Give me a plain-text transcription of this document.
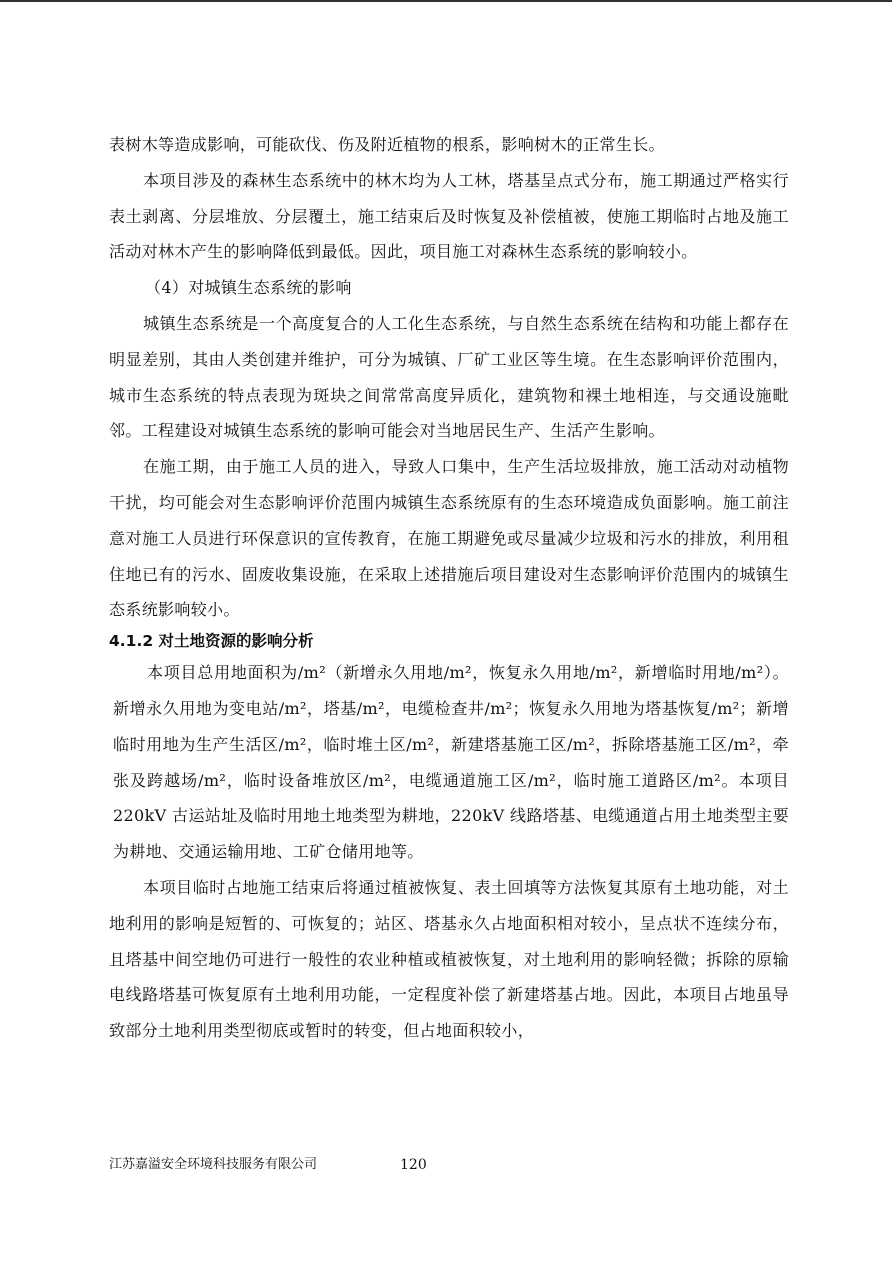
表树木等造成影响，可能砍伐、伤及附近植物的根系，影响树木的正常生长。

本项目涉及的森林生态系统中的林木均为人工林，塔基呈点式分布，施工期通过严格实行表土剥离、分层堆放、分层覆土，施工结束后及时恢复及补偿植被，使施工期临时占地及施工活动对林木产生的影响降低到最低。因此，项目施工对森林生态系统的影响较小。

（4）对城镇生态系统的影响

城镇生态系统是一个高度复合的人工化生态系统，与自然生态系统在结构和功能上都存在明显差别，其由人类创建并维护，可分为城镇、厂矿工业区等生境。在生态影响评价范围内，城市生态系统的特点表现为斑块之间常常高度异质化，建筑物和裸土地相连，与交通设施毗邻。工程建设对城镇生态系统的影响可能会对当地居民生产、生活产生影响。

在施工期，由于施工人员的进入，导致人口集中，生产生活垃圾排放，施工活动对动植物干扰，均可能会对生态影响评价范围内城镇生态系统原有的生态环境造成负面影响。施工前注意对施工人员进行环保意识的宣传教育，在施工期避免或尽量减少垃圾和污水的排放，利用租住地已有的污水、固废收集设施，在采取上述措施后项目建设对生态影响评价范围内的城镇生态系统影响较小。

4.1.2 对土地资源的影响分析

本项目总用地面积为/m²（新增永久用地/m²，恢复永久用地/m²，新增临时用地/m²）。新增永久用地为变电站/m²，塔基/m²，电缆检查井/m²；恢复永久用地为塔基恢复/m²；新增临时用地为生产生活区/m²，临时堆土区/m²，新建塔基施工区/m²，拆除塔基施工区/m²，牵张及跨越场/m²，临时设备堆放区/m²，电缆通道施工区/m²，临时施工道路区/m²。本项目 220kV 古运站址及临时用地土地类型为耕地，220kV 线路塔基、电缆通道占用土地类型主要为耕地、交通运输用地、工矿仓储用地等。

本项目临时占地施工结束后将通过植被恢复、表土回填等方法恢复其原有土地功能，对土地利用的影响是短暂的、可恢复的；站区、塔基永久占地面积相对较小，呈点状不连续分布，且塔基中间空地仍可进行一般性的农业种植或植被恢复，对土地利用的影响轻微；拆除的原输电线路塔基可恢复原有土地利用功能，一定程度补偿了新建塔基占地。因此，本项目占地虽导致部分土地利用类型彻底或暂时的转变，但占地面积较小，

江苏嘉溢安全环境科技服务有限公司	120
